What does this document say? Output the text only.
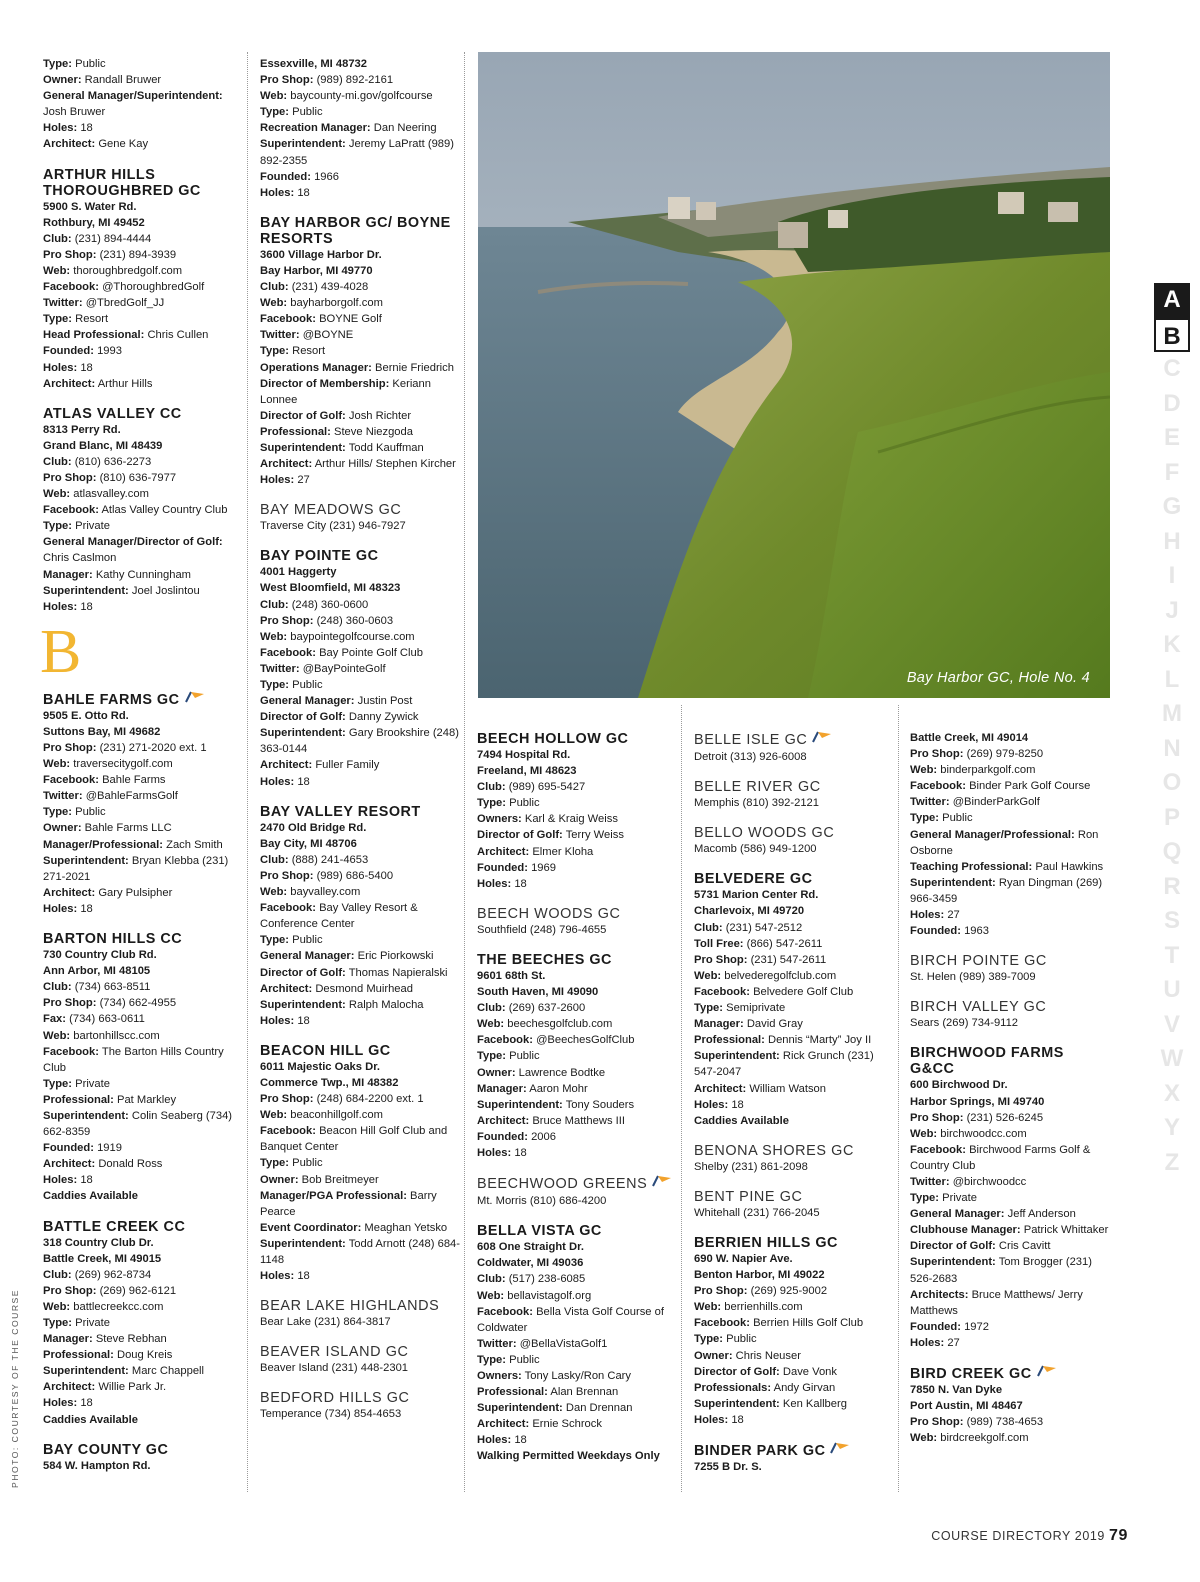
PHOTO: COURTESY OF THE COURSE
Bay Harbor GC, Hole No. 4
A
B
C
D
E
F
G
H
I
J
K
L
M
N
O
P
Q
R
S
T
U
V
W
X
Y
Z
Type: Public
Owner: Randall Bruwer
General Manager/Superintendent: Josh Bruwer
Holes: 18
Architect: Gene Kay
ARTHUR HILLS THOROUGHBRED GC
5900 S. Water Rd.
Rothbury, MI 49452
Club: (231) 894-4444
Pro Shop: (231) 894-3939
Web: thoroughbredgolf.com
Facebook: @ThoroughbredGolf
Twitter: @TbredGolf_JJ
Type: Resort
Head Professional: Chris Cullen
Founded: 1993
Holes: 18
Architect: Arthur Hills
ATLAS VALLEY CC
8313 Perry Rd.
Grand Blanc, MI 48439
Club: (810) 636-2273
Pro Shop: (810) 636-7977
Web: atlasvalley.com
Facebook: Atlas Valley Country Club
Type: Private
General Manager/Director of Golf: Chris Caslmon
Manager: Kathy Cunningham
Superintendent: Joel Joslintou
Holes: 18
B
BAHLE FARMS GC
9505 E. Otto Rd.
Suttons Bay, MI 49682
Pro Shop: (231) 271-2020 ext. 1
Web: traversecitygolf.com
Facebook: Bahle Farms
Twitter: @BahleFarmsGolf
Type: Public
Owner: Bahle Farms LLC
Manager/Professional: Zach Smith
Superintendent: Bryan Klebba (231) 271-2021
Architect: Gary Pulsipher
Holes: 18
BARTON HILLS CC
730 Country Club Rd.
Ann Arbor, MI 48105
Club: (734) 663-8511
Pro Shop: (734) 662-4955
Fax: (734) 663-0611
Web: bartonhillscc.com
Facebook: The Barton Hills Country Club
Type: Private
Professional: Pat Markley
Superintendent: Colin Seaberg (734) 662-8359
Founded: 1919
Architect: Donald Ross
Holes: 18
Caddies Available
BATTLE CREEK CC
318 Country Club Dr.
Battle Creek, MI 49015
Club: (269) 962-8734
Pro Shop: (269) 962-6121
Web: battlecreekcc.com
Type: Private
Manager: Steve Rebhan
Professional: Doug Kreis
Superintendent: Marc Chappell
Architect: Willie Park Jr.
Holes: 18
Caddies Available
BAY COUNTY GC
584 W. Hampton Rd.
Essexville, MI 48732
Pro Shop: (989) 892-2161
Web: baycounty-mi.gov/golfcourse
Type: Public
Recreation Manager: Dan Neering
Superintendent: Jeremy LaPratt (989) 892-2355
Founded: 1966
Holes: 18
BAY HARBOR GC/ BOYNE RESORTS
3600 Village Harbor Dr.
Bay Harbor, MI 49770
Club: (231) 439-4028
Web: bayharborgolf.com
Facebook: BOYNE Golf
Twitter: @BOYNE
Type: Resort
Operations Manager: Bernie Friedrich
Director of Membership: Keriann Lonnee
Director of Golf: Josh Richter
Professional: Steve Niezgoda
Superintendent: Todd Kauffman
Architect: Arthur Hills/ Stephen Kircher
Holes: 27
BAY MEADOWS GC
Traverse City (231) 946-7927
BAY POINTE GC
4001 Haggerty
West Bloomfield, MI 48323
Club: (248) 360-0600
Pro Shop: (248) 360-0603
Web: baypointegolfcourse.com
Facebook: Bay Pointe Golf Club
Twitter: @BayPointeGolf
Type: Public
General Manager: Justin Post
Director of Golf: Danny Zywick
Superintendent: Gary Brookshire (248) 363-0144
Architect: Fuller Family
Holes: 18
BAY VALLEY RESORT
2470 Old Bridge Rd.
Bay City, MI 48706
Club: (888) 241-4653
Pro Shop: (989) 686-5400
Web: bayvalley.com
Facebook: Bay Valley Resort & Conference Center
Type: Public
General Manager: Eric Piorkowski
Director of Golf: Thomas Napieralski
Architect: Desmond Muirhead
Superintendent: Ralph Malocha
Holes: 18
BEACON HILL GC
6011 Majestic Oaks Dr.
Commerce Twp., MI 48382
Pro Shop: (248) 684-2200 ext. 1
Web: beaconhillgolf.com
Facebook: Beacon Hill Golf Club and Banquet Center
Type: Public
Owner: Bob Breitmeyer
Manager/PGA Professional: Barry Pearce
Event Coordinator: Meaghan Yetsko
Superintendent: Todd Arnott (248) 684-1148
Holes: 18
BEAR LAKE HIGHLANDS
Bear Lake (231) 864-3817
BEAVER ISLAND GC
Beaver Island (231) 448-2301
BEDFORD HILLS GC
Temperance (734) 854-4653
BEECH HOLLOW GC
7494 Hospital Rd.
Freeland, MI 48623
Club: (989) 695-5427
Type: Public
Owners: Karl & Kraig Weiss
Director of Golf: Terry Weiss
Architect: Elmer Kloha
Founded: 1969
Holes: 18
BEECH WOODS GC
Southfield (248) 796-4655
THE BEECHES GC
9601 68th St.
South Haven, MI 49090
Club: (269) 637-2600
Web: beechesgolfclub.com
Facebook: @BeechesGolfClub
Type: Public
Owner: Lawrence Bodtke
Manager: Aaron Mohr
Superintendent: Tony Souders
Architect: Bruce Matthews III
Founded: 2006
Holes: 18
BEECHWOOD GREENS
Mt. Morris (810) 686-4200
BELLA VISTA GC
608 One Straight Dr.
Coldwater, MI 49036
Club: (517) 238-6085
Web: bellavistagolf.org
Facebook: Bella Vista Golf Course of Coldwater
Twitter: @BellaVistaGolf1
Type: Public
Owners: Tony Lasky/Ron Cary
Professional: Alan Brennan
Superintendent: Dan Drennan
Architect: Ernie Schrock
Holes: 18
Walking Permitted Weekdays Only
BELLE ISLE GC
Detroit (313) 926-6008
BELLE RIVER GC
Memphis (810) 392-2121
BELLO WOODS GC
Macomb (586) 949-1200
BELVEDERE GC
5731 Marion Center Rd.
Charlevoix, MI 49720
Club: (231) 547-2512
Toll Free: (866) 547-2611
Pro Shop: (231) 547-2611
Web: belvederegolfclub.com
Facebook: Belvedere Golf Club
Type: Semiprivate
Manager: David Gray
Professional: Dennis “Marty” Joy II
Superintendent: Rick Grunch (231) 547-2047
Architect: William Watson
Holes: 18
Caddies Available
BENONA SHORES GC
Shelby (231) 861-2098
BENT PINE GC
Whitehall (231) 766-2045
BERRIEN HILLS GC
690 W. Napier Ave.
Benton Harbor, MI 49022
Pro Shop: (269) 925-9002
Web: berrienhills.com
Facebook: Berrien Hills Golf Club
Type: Public
Owner: Chris Neuser
Director of Golf: Dave Vonk
Professionals: Andy Girvan
Superintendent: Ken Kallberg
Holes: 18
BINDER PARK GC
7255 B Dr. S.
Battle Creek, MI 49014
Pro Shop: (269) 979-8250
Web: binderparkgolf.com
Facebook: Binder Park Golf Course
Twitter: @BinderParkGolf
Type: Public
General Manager/Professional: Ron Osborne
Teaching Professional: Paul Hawkins
Superintendent: Ryan Dingman (269) 966-3459
Holes: 27
Founded: 1963
BIRCH POINTE GC
St. Helen (989) 389-7009
BIRCH VALLEY GC
Sears (269) 734-9112
BIRCHWOOD FARMS G&CC
600 Birchwood Dr.
Harbor Springs, MI 49740
Pro Shop: (231) 526-6245
Web: birchwoodcc.com
Facebook: Birchwood Farms Golf & Country Club
Twitter: @birchwoodcc
Type: Private
General Manager: Jeff Anderson
Clubhouse Manager: Patrick Whittaker
Director of Golf: Cris Cavitt
Superintendent: Tom Brogger (231) 526-2683
Architects: Bruce Matthews/ Jerry Matthews
Founded: 1972
Holes: 27
BIRD CREEK GC
7850 N. Van Dyke
Port Austin, MI 48467
Pro Shop: (989) 738-4653
Web: birdcreekgolf.com
COURSE DIRECTORY 2019 79
